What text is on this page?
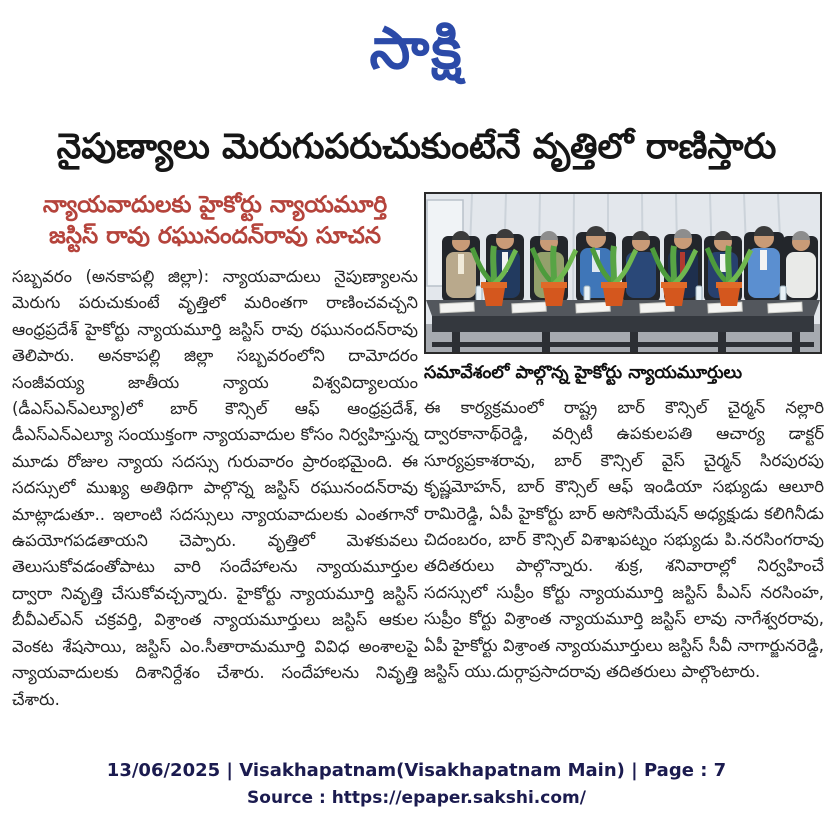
సాక్షి
నైపుణ్యాలు మెరుగుపరుచుకుంటేనే వృత్తిలో రాణిస్తారు
న్యాయవాదులకు హైకోర్టు న్యాయమూర్తి
జస్టిస్ రావు రఘునందన్‌రావు సూచన
సబ్బవరం (అనకాపల్లి జిల్లా): న్యాయవాదులు నైపుణ్యాలను మెరుగు పరుచుకుంటే వృత్తిలో మరింతగా రాణించవచ్చని ఆంధ్రప్రదేశ్ హైకోర్టు న్యాయమూర్తి జస్టిస్ రావు రఘునందన్‌రావు తెలిపారు. అనకాపల్లి జిల్లా సబ్బవరంలోని దామోదరం సంజీవయ్య జాతీయ న్యాయ విశ్వవిద్యాలయం (డీఎస్ఎన్ఎల్యూ)లో బార్ కౌన్సిల్ ఆఫ్ ఆంధ్రప్రదేశ్, డీఎస్ఎన్ఎల్యూ సంయుక్తంగా న్యాయవాదుల కోసం నిర్వహిస్తున్న మూడు రోజుల న్యాయ సదస్సు గురువారం ప్రారంభమైంది. ఈ సదస్సులో ముఖ్య అతిథిగా పాల్గొన్న జస్టిస్ రఘునందన్‌రావు మాట్లాడుతూ.. ఇలాంటి సదస్సులు న్యాయవాదులకు ఎంతగానో ఉపయోగపడతాయని చెప్పారు. వృత్తిలో మెళకువలు తెలుసుకోవడంతోపాటు వారి సందేహాలను న్యాయమూర్తుల ద్వారా నివృత్తి చేసుకోవచ్చన్నారు. హైకోర్టు న్యాయమూర్తి జస్టిస్ బీవీఎల్ఎన్ చక్రవర్తి, విశ్రాంత న్యాయమూర్తులు జస్టిస్ ఆకుల వెంకట శేషసాయి, జస్టిస్ ఎం.సీతారామమూర్తి వివిధ అంశాలపై న్యాయవాదులకు దిశానిర్దేశం చేశారు. సందేహాలను నివృత్తి చేశారు.
సమావేశంలో పాల్గొన్న హైకోర్టు న్యాయమూర్తులు
ఈ కార్యక్రమంలో రాష్ట్ర బార్ కౌన్సిల్ చైర్మన్ నల్లారి ద్వారకానాథ్‌రెడ్డి, వర్సిటీ ఉపకులపతి ఆచార్య డాక్టర్ సూర్యప్రకాశరావు, బార్ కౌన్సిల్ వైస్ చైర్మన్ సిరపురపు కృష్ణమోహన్, బార్ కౌన్సిల్ ఆఫ్ ఇండియా సభ్యుడు ఆలూరి రామిరెడ్డి, ఏపీ హైకోర్టు బార్ అసోసియేషన్ అధ్యక్షుడు కలిగినీడు చిదంబరం, బార్ కౌన్సిల్ విశాఖపట్నం సభ్యుడు పి.నరసింగరావు తదితరులు పాల్గొన్నారు. శుక్ర, శనివారాల్లో నిర్వహించే సదస్సులో సుప్రీం కోర్టు న్యాయమూర్తి జస్టిస్ పీఎస్ నరసింహ, సుప్రీం కోర్టు విశ్రాంత న్యాయమూర్తి జస్టిస్ లావు నాగేశ్వరరావు, ఏపీ హైకోర్టు విశ్రాంత న్యాయమూర్తులు జస్టిస్ సీవీ నాగార్జునరెడ్డి, జస్టిస్ యు.దుర్గాప్రసాదరావు తదితరులు పాల్గొంటారు.
13/06/2025 | Visakhapatnam(Visakhapatnam Main) | Page : 7
Source : https://epaper.sakshi.com/
